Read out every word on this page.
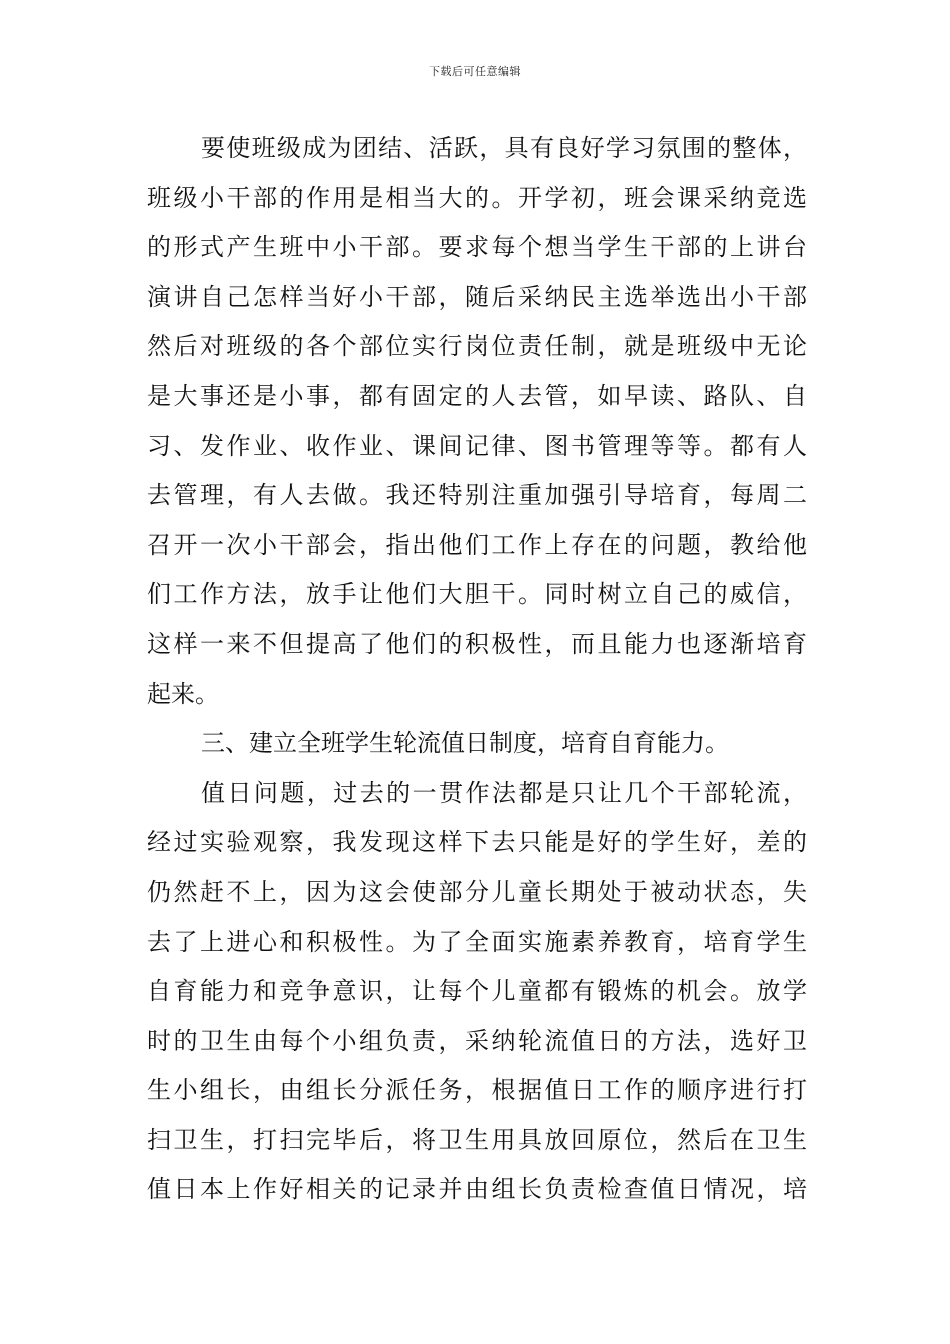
下载后可任意编辑
要使班级成为团结、活跃，具有良好学习氛围的整体，
班级小干部的作用是相当大的。开学初，班会课采纳竞选
的形式产生班中小干部。要求每个想当学生干部的上讲台
演讲自己怎样当好小干部，随后采纳民主选举选出小干部
然后对班级的各个部位实行岗位责任制，就是班级中无论
是大事还是小事，都有固定的人去管，如早读、路队、自
习、发作业、收作业、课间记律、图书管理等等。都有人
去管理，有人去做。我还特别注重加强引导培育，每周二
召开一次小干部会，指出他们工作上存在的问题，教给他
们工作方法，放手让他们大胆干。同时树立自己的威信，
这样一来不但提高了他们的积极性，而且能力也逐渐培育
起来。
三、建立全班学生轮流值日制度，培育自育能力。
值日问题，过去的一贯作法都是只让几个干部轮流，
经过实验观察，我发现这样下去只能是好的学生好，差的
仍然赶不上，因为这会使部分儿童长期处于被动状态，失
去了上进心和积极性。为了全面实施素养教育，培育学生
自育能力和竞争意识，让每个儿童都有锻炼的机会。放学
时的卫生由每个小组负责，采纳轮流值日的方法，选好卫
生小组长，由组长分派任务，根据值日工作的顺序进行打
扫卫生，打扫完毕后，将卫生用具放回原位，然后在卫生
值日本上作好相关的记录并由组长负责检查值日情况，培
